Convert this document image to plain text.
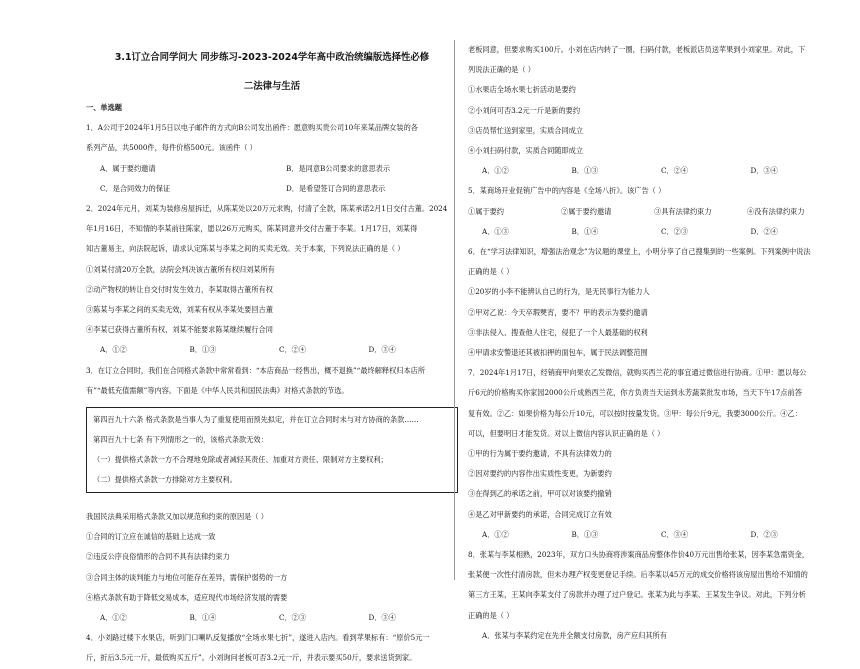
3.1订立合同学问大 同步练习-2023-2024学年高中政治统编版选择性必修
二法律与生活
一、单选题
1．A公司于2024年1月5日以电子邮件的方式向B公司发出函件：愿意购买贵公司10年来某品牌女装的各
系列产品，共5000件，每件价格500元。该函件（ ）
A．属于要约邀请	B．是同意B公司要求的意思表示
C．是合同效力的保证	D．是希望签订合同的意思表示
2．2024年元月，刘某为装修房屋拆迁，从陈某处以20万元求购，付清了全款，陈某承诺2月1日交付古董。2024
年1月16日，不知情的李某前往陈家，愿以26万元购买，陈某同意并交付古董于李某。1月17日，刘某得
知古董易主，向法院起诉，请求认定陈某与李某之间的买卖无效。关于本案，下列说法正确的是（ ）
①刘某付清20万全款，法院会判决该古董所有权归刘某所有
②动产物权的转让自交付时发生效力，李某取得古董所有权
③陈某与李某之间的买卖无效，刘某有权从李某处要回古董
④李某已获得古董所有权，刘某不能要求陈某继续履行合同
A．①②	B．①③	C．②④	D．③④
3．在订立合同时，我们在合同格式条款中常常看到：“本店商品一经售出，概不退换”“最终解释权归本店所
有”“最低充值需额”等内容。下面是《中华人民共和国民法典》对格式条款的节选。
第四百九十六条 格式条款是当事人为了重复使用而预先拟定，并在订立合同时未与对方协商的条款……
第四百九十七条 有下列情形之一的，该格式条款无效：
（一）提供格式条款一方不合理地免除或者减轻其责任、加重对方责任、限制对方主要权利；
（二）提供格式条款一方排除对方主要权利。
我国民法典采用格式条款又加以规范和约束的原因是（ ）
①合同的订立应在诚信的基础上达成一致
②违反公序良俗情形的合同不具有法律约束力
③合同主体的谈判能力与地位可能存在差异，需保护弱势的一方
④格式条款有助于降低交易成本，适应现代市场经济发展的需要
A．①②	B．①④	C．②③	D．③④
4．小刘路过楼下水果店，听到门口喇叭反复播放“全场水果七折”，遂进入店内。看到苹果标有：“原价5元一
斤，折后3.5元一斤，最低购买五斤”。小刘询问老板可否3.2元一斤，并表示要买50斤，要求送货到家。
老板同意，但要求购买100斤。小刘在店内转了一圈，扫码付款，老板派店员送苹果到小刘家里。对此，下
列说法正确的是（ ）
①水果店全场水果七折活动是要约
②小刘问可否3.2元一斤是新的要约
③店员帮忙送到家里，实质合同成立
④小刘扫码付款，实质合同随即成立
A．①②	B．①③	C．②④	D．③④
5．某商场开业促销广告中的内容是《全场八折》。该广告（ ）
①属于要约	②属于要约邀请	③具有法律约束力	④没有法律约束力
A．①③	B．①④	C．②③	D．②④
6．在“学习法律知识，增强法治观念”为议题的课堂上，小明分享了自己搜集到的一些案例。下列案例中说法
正确的是（ ）
①20岁的小李不能辨认自己的行为，是无民事行为能力人
②甲对乙说：今天卒瑕僰宵，要不？甲的表示为要约邀请
③非法侵入、搜查他人住宅，侵犯了一个人最基础的权利
④甲请求安警退还其被扣押的面包车，属于民法调整范围
7．2024年1月17日，经销商甲向果农乙发微信，就购买西兰花的事宜通过微信进行协商。①甲：愿以每公
斤6元的价格购买你家园2000公斤成熟西兰花，你方负责当天运到永芳蔬菜批发市场，当天下午17点前答
复有效。②乙：如果价格为每公斤10元，可以按时按量发货。③甲：每公斤9元，我要3000公斤。④乙：
可以，但要明日才能发货。对以上微信内容认识正确的是（ ）
①甲的行为属于要约邀请，不具有法律效力的
②因对要约的内容作出实质性变更，为新要约
③在得到乙的承诺之前，甲可以对该要约撤销
④是乙对甲新要约的承诺，合同完成订立有效
A．①②	B．①③	C．③④	D．②③
8．张某与李某相熟，2023年，双方口头协商将涉案商品房整体作价40万元出售给张某，因李某急需资金，
张某便一次性付清房款，但未办理产权变更登记手续。后李某以45万元的成交价格将该房屋出售给不知情的
第三方王某，王某向李某支付了房款并办理了过户登记。张某为此与李某、王某发生争议。对此，下列分析
正确的是（ ）
A．张某与李某约定在先并全额支付房款，房产应归其所有
